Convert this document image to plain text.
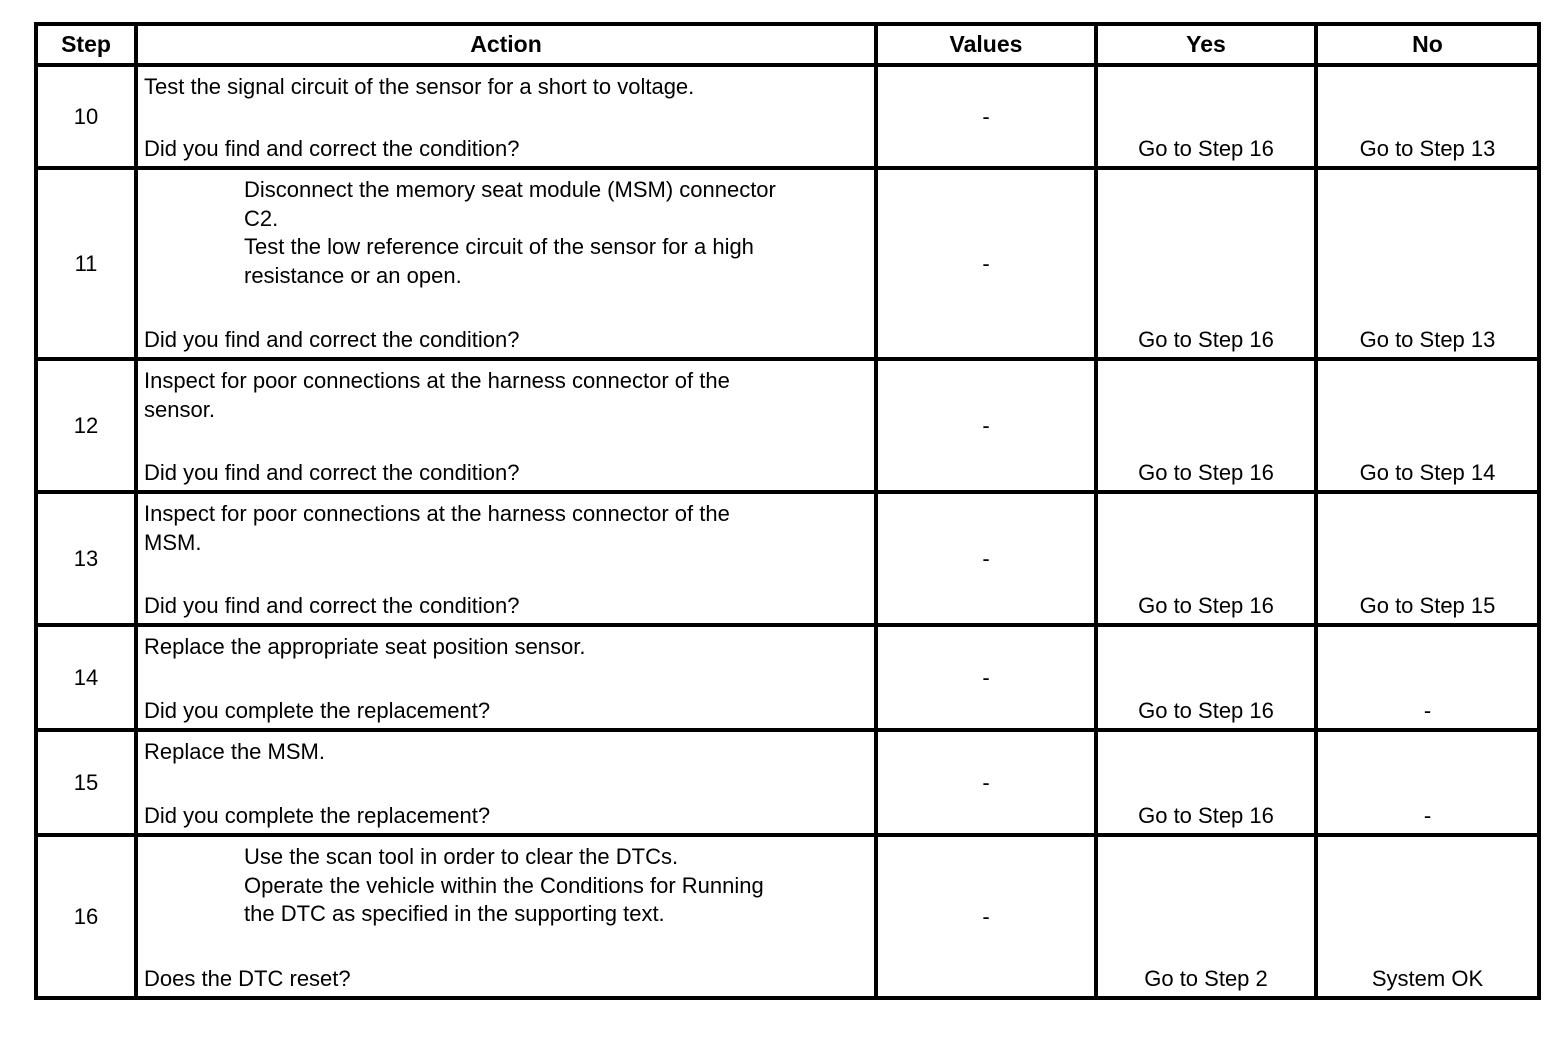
Step	Action	Values	Yes	No
10	Test the signal circuit of the sensor for a short to voltage.
Did you find and correct the condition?	-	Go to Step 16	Go to Step 13
11	Disconnect the memory seat module (MSM) connector
C2.
Test the low reference circuit of the sensor for a high
resistance or an open.
Did you find and correct the condition?	-	Go to Step 16	Go to Step 13
12	Inspect for poor connections at the harness connector of the
sensor.
Did you find and correct the condition?	-	Go to Step 16	Go to Step 14
13	Inspect for poor connections at the harness connector of the
MSM.
Did you find and correct the condition?	-	Go to Step 16	Go to Step 15
14	Replace the appropriate seat position sensor.
Did you complete the replacement?	-	Go to Step 16	-
15	Replace the MSM.
Did you complete the replacement?	-	Go to Step 16	-
16	Use the scan tool in order to clear the DTCs.
Operate the vehicle within the Conditions for Running
the DTC as specified in the supporting text.
Does the DTC reset?	-	Go to Step 2	System OK
